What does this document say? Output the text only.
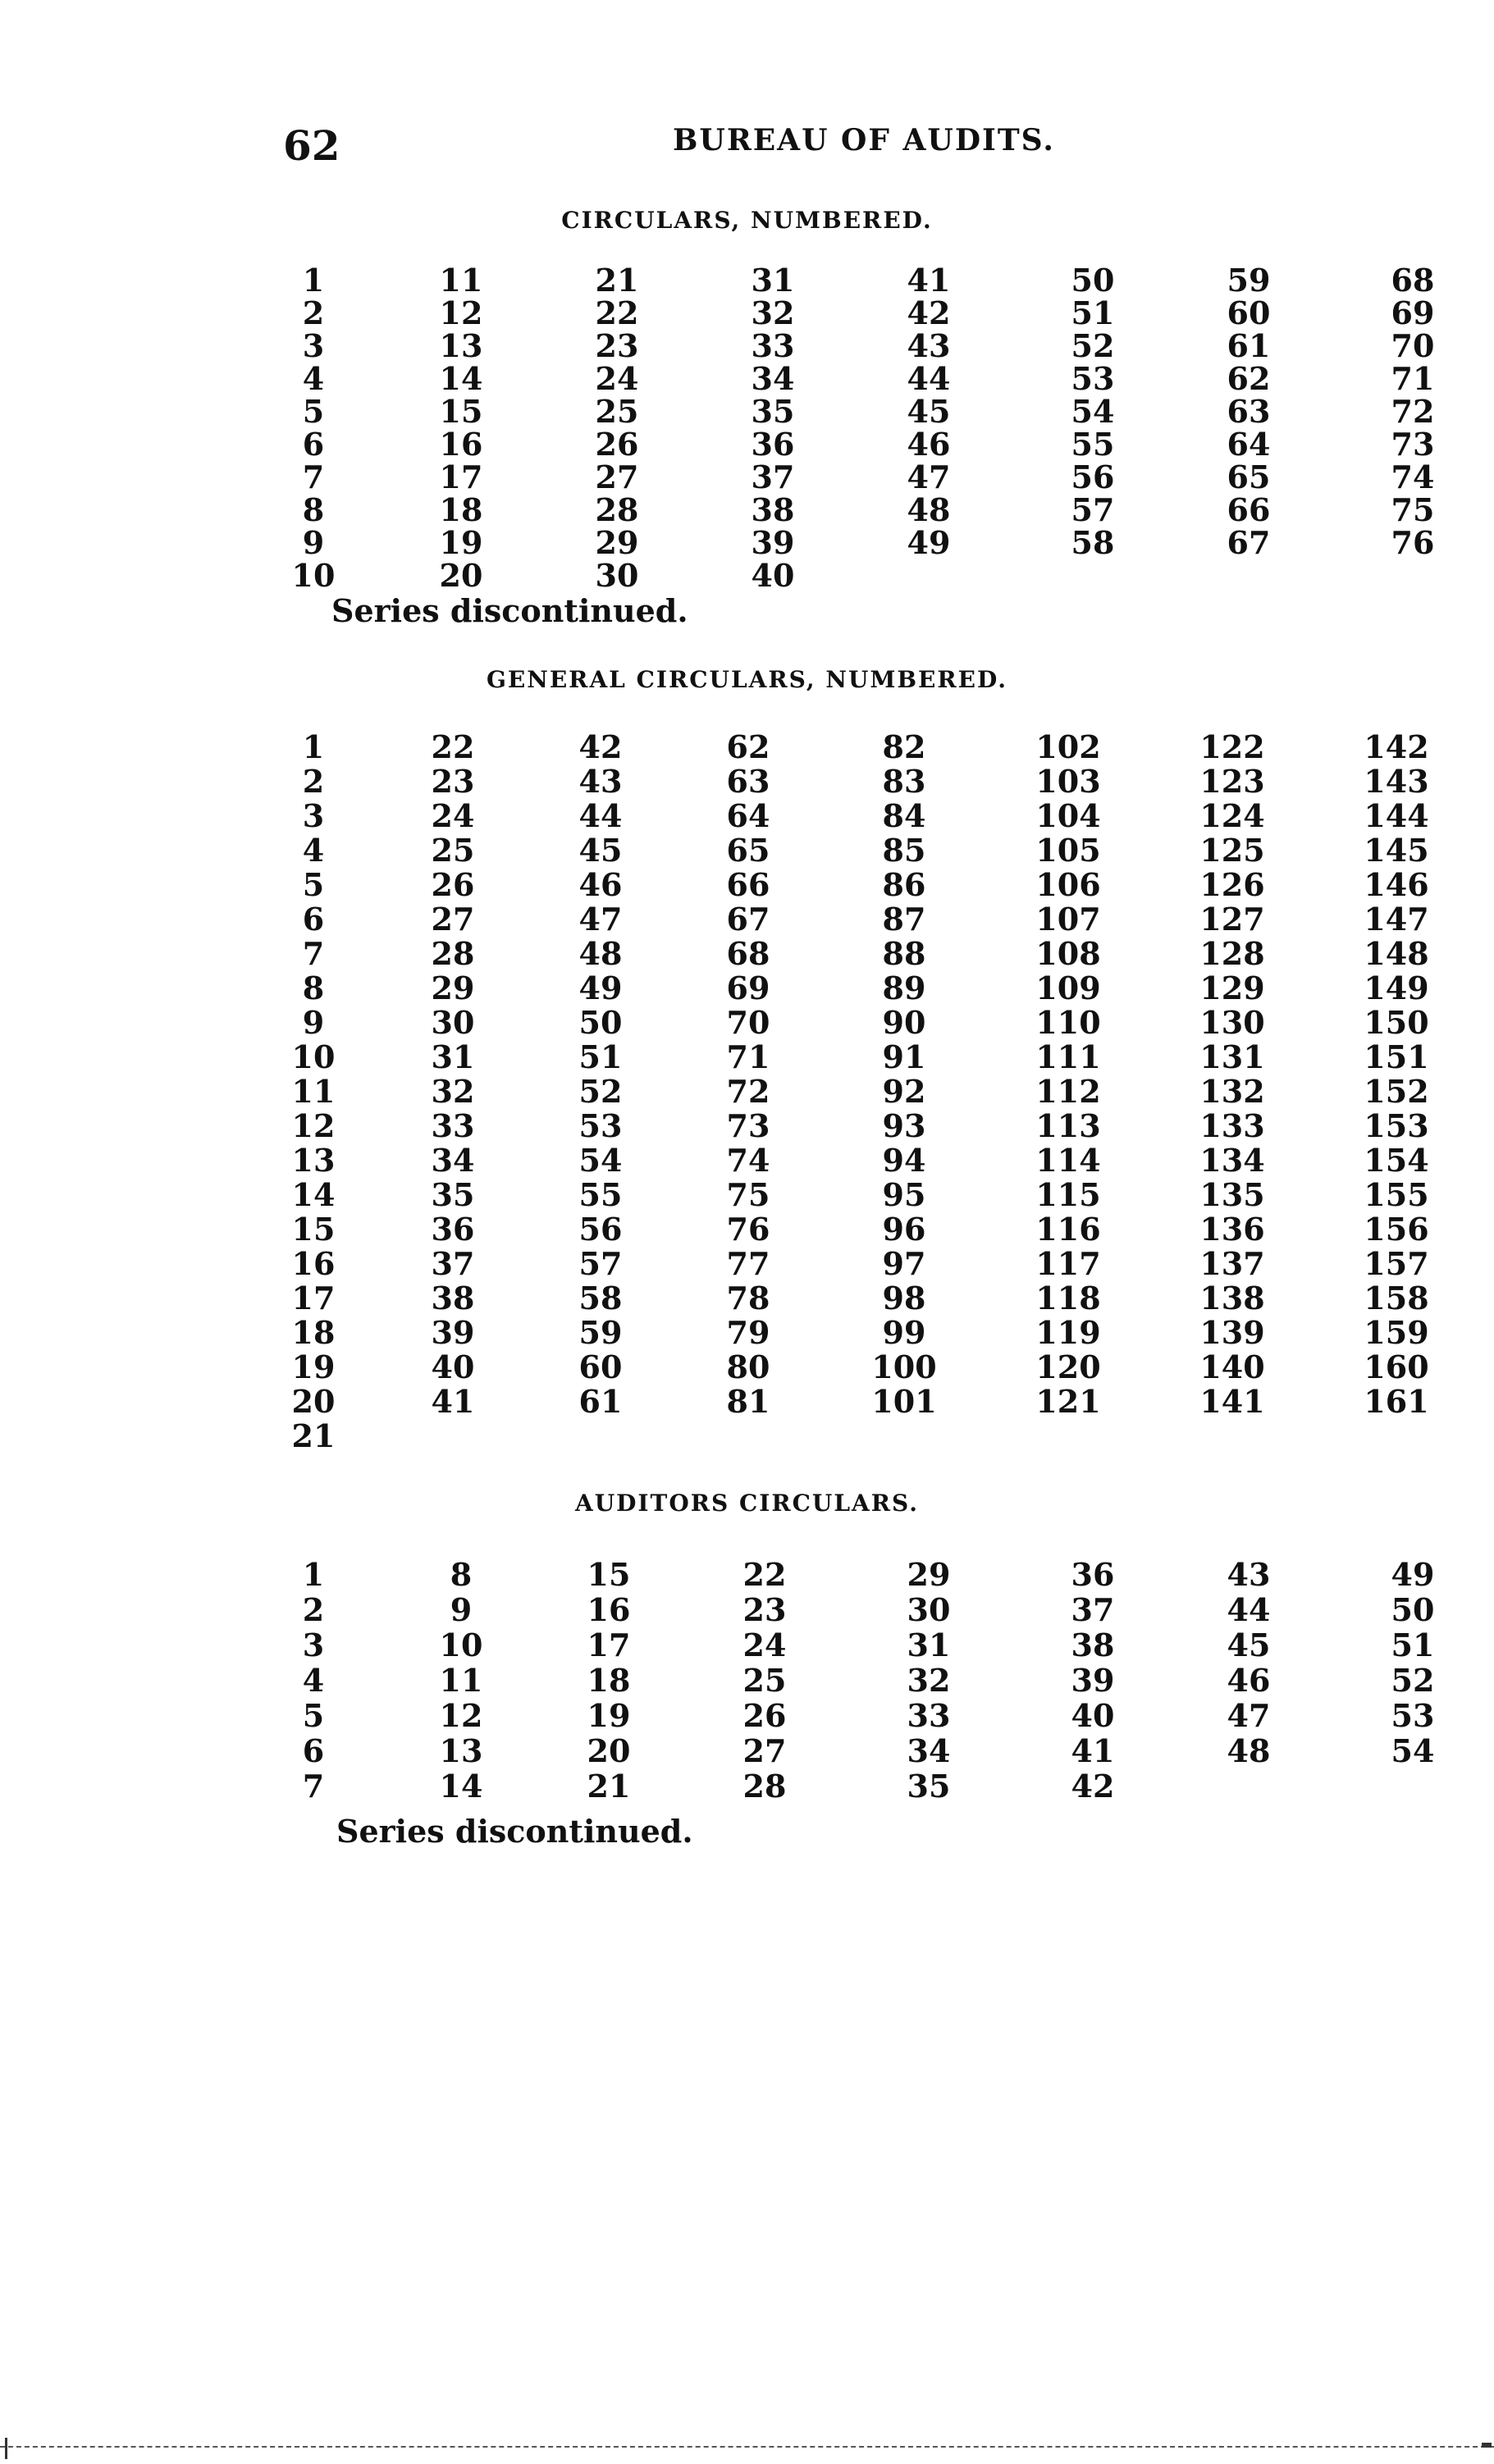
62	BUREAU OF AUDITS.
CIRCULARS, NUMBERED.
1
2
3
4
5
6
7
8
9
10
11
12
13
14
15
16
17
18
19
20
21
22
23
24
25
26
27
28
29
30
31
32
33
34
35
36
37
38
39
40
41
42
43
44
45
46
47
48
49
50
51
52
53
54
55
56
57
58
59
60
61
62
63
64
65
66
67
68
69
70
71
72
73
74
75
76
Series discontinued.
GENERAL CIRCULARS, NUMBERED.
1
2
3
4
5
6
7
8
9
10
11
12
13
14
15
16
17
18
19
20
21
22
23
24
25
26
27
28
29
30
31
32
33
34
35
36
37
38
39
40
41
42
43
44
45
46
47
48
49
50
51
52
53
54
55
56
57
58
59
60
61
62
63
64
65
66
67
68
69
70
71
72
73
74
75
76
77
78
79
80
81
82
83
84
85
86
87
88
89
90
91
92
93
94
95
96
97
98
99
100
101
102
103
104
105
106
107
108
109
110
111
112
113
114
115
116
117
118
119
120
121
122
123
124
125
126
127
128
129
130
131
132
133
134
135
136
137
138
139
140
141
142
143
144
145
146
147
148
149
150
151
152
153
154
155
156
157
158
159
160
161
AUDITORS CIRCULARS.
1
2
3
4
5
6
7
8
9
10
11
12
13
14
15
16
17
18
19
20
21
22
23
24
25
26
27
28
29
30
31
32
33
34
35
36
37
38
39
40
41
42
43
44
45
46
47
48
49
50
51
52
53
54
Series discontinued.
